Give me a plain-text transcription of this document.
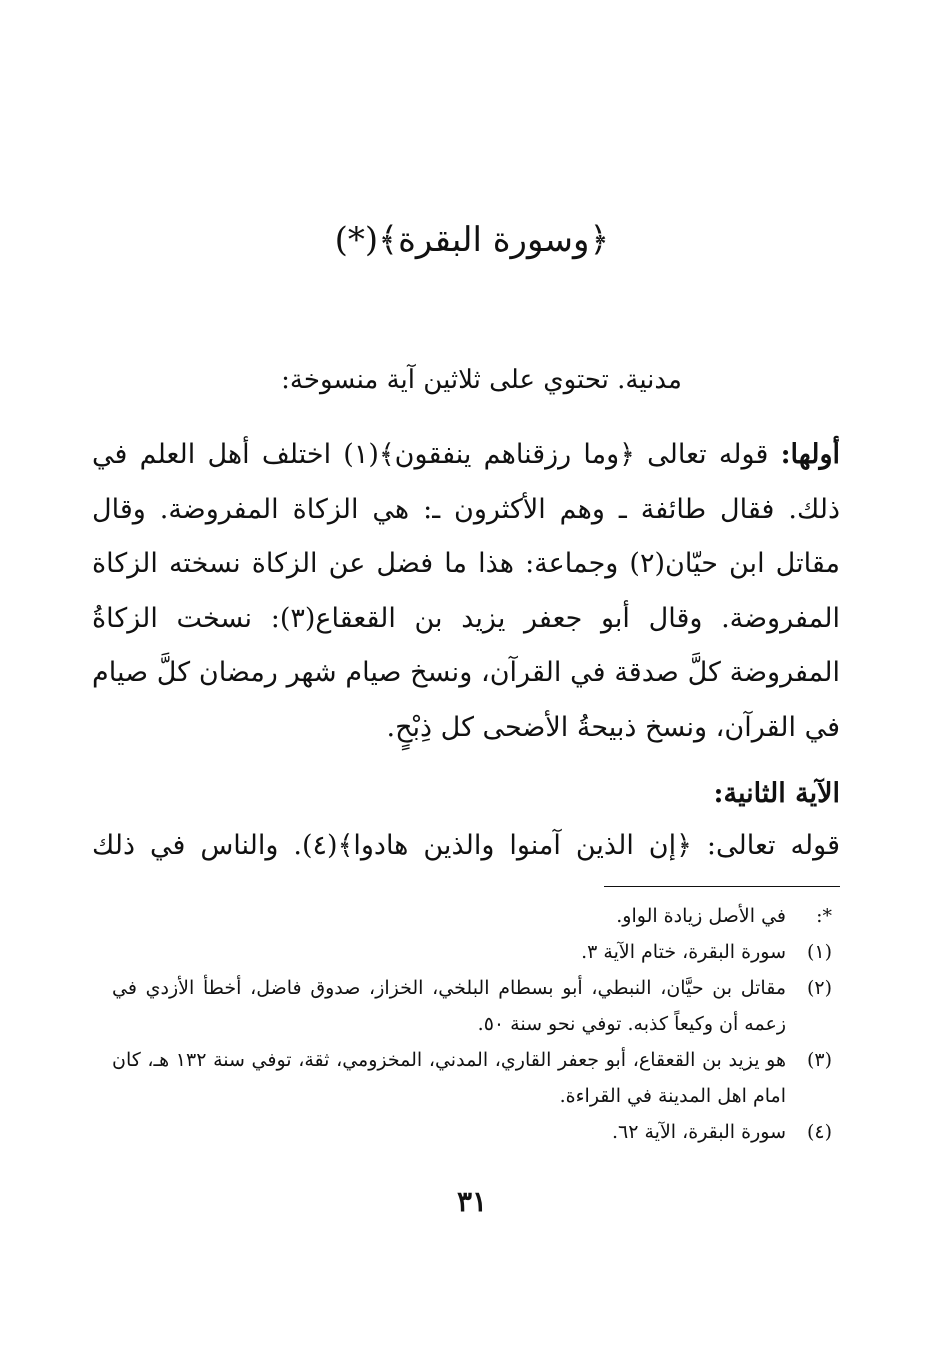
﴿وسورة البقرة﴾(*)
مدنية. تحتوي على ثلاثين آية منسوخة:

أولها: قوله تعالى ﴿وما رزقناهم ينفقون﴾(١) اختلف أهل العلم في ذلك. فقال طائفة ـ وهم الأكثرون ـ: هي الزكاة المفروضة. وقال مقاتل ابن حيّان(٢) وجماعة: هذا ما فضل عن الزكاة نسخته الزكاة المفروضة. وقال أبو جعفر يزيد بن القعقاع(٣): نسخت الزكاةُ المفروضة كلَّ صدقة في القرآن، ونسخ صيام شهر رمضان كلَّ صيام في القرآن، ونسخ ذبيحةُ الأضحى كل ذِبْحٍ.

الآية الثانية:
قوله تعالى: ﴿إن الذين آمنوا والذين هادوا﴾(٤). والناس في ذلك
*:
في الأصل زيادة الواو.
(١)
سورة البقرة، ختام الآية ٣.
(٢)
مقاتل بن حيَّان، النبطي، أبو بسطام البلخي، الخزاز، صدوق فاضل، أخطأ الأزدي في زعمه أن وكيعاً كذبه. توفي نحو سنة ٥٠.
(٣)
هو يزيد بن القعقاع، أبو جعفر القاري، المدني، المخزومي، ثقة، توفي سنة ١٣٢ هـ، كان امام اهل المدينة في القراءة.
(٤)
سورة البقرة، الآية ٦٢.
٣١
